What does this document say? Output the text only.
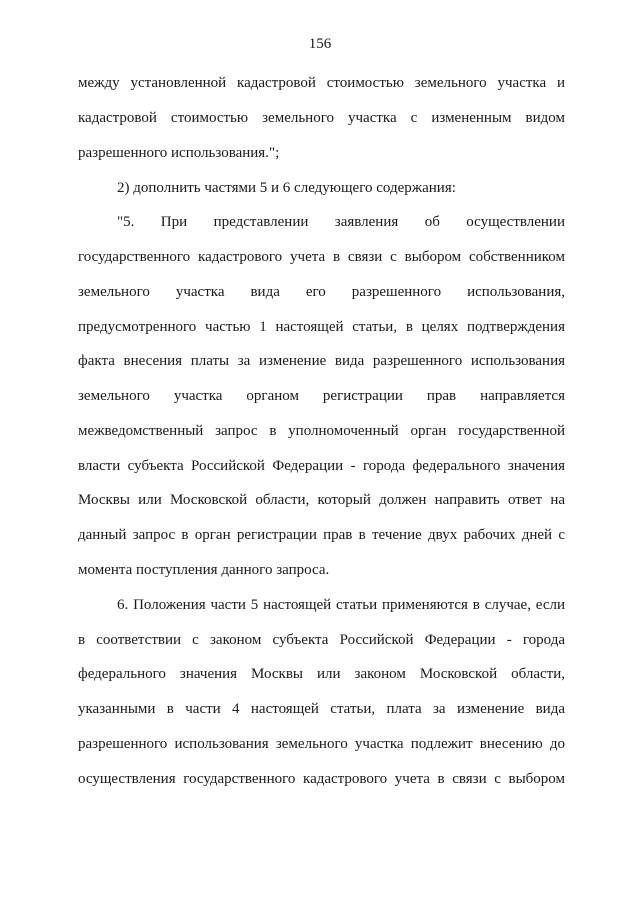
156
между установленной кадастровой стоимостью земельного участка и
кадастровой стоимостью земельного участка с измененным видом
разрешенного использования.";
2) дополнить частями 5 и 6 следующего содержания:
"5. При представлении заявления об осуществлении
государственного кадастрового учета в связи с выбором собственником
земельного участка вида его разрешенного использования,
предусмотренного частью 1 настоящей статьи, в целях подтверждения
факта внесения платы за изменение вида разрешенного использования
земельного участка органом регистрации прав направляется
межведомственный запрос в уполномоченный орган государственной
власти субъекта Российской Федерации - города федерального значения
Москвы или Московской области, который должен направить ответ на
данный запрос в орган регистрации прав в течение двух рабочих дней с
момента поступления данного запроса.
6. Положения части 5 настоящей статьи применяются в случае, если
в соответствии с законом субъекта Российской Федерации - города
федерального значения Москвы или законом Московской области,
указанными в части 4 настоящей статьи, плата за изменение вида
разрешенного использования земельного участка подлежит внесению до
осуществления государственного кадастрового учета в связи с выбором
